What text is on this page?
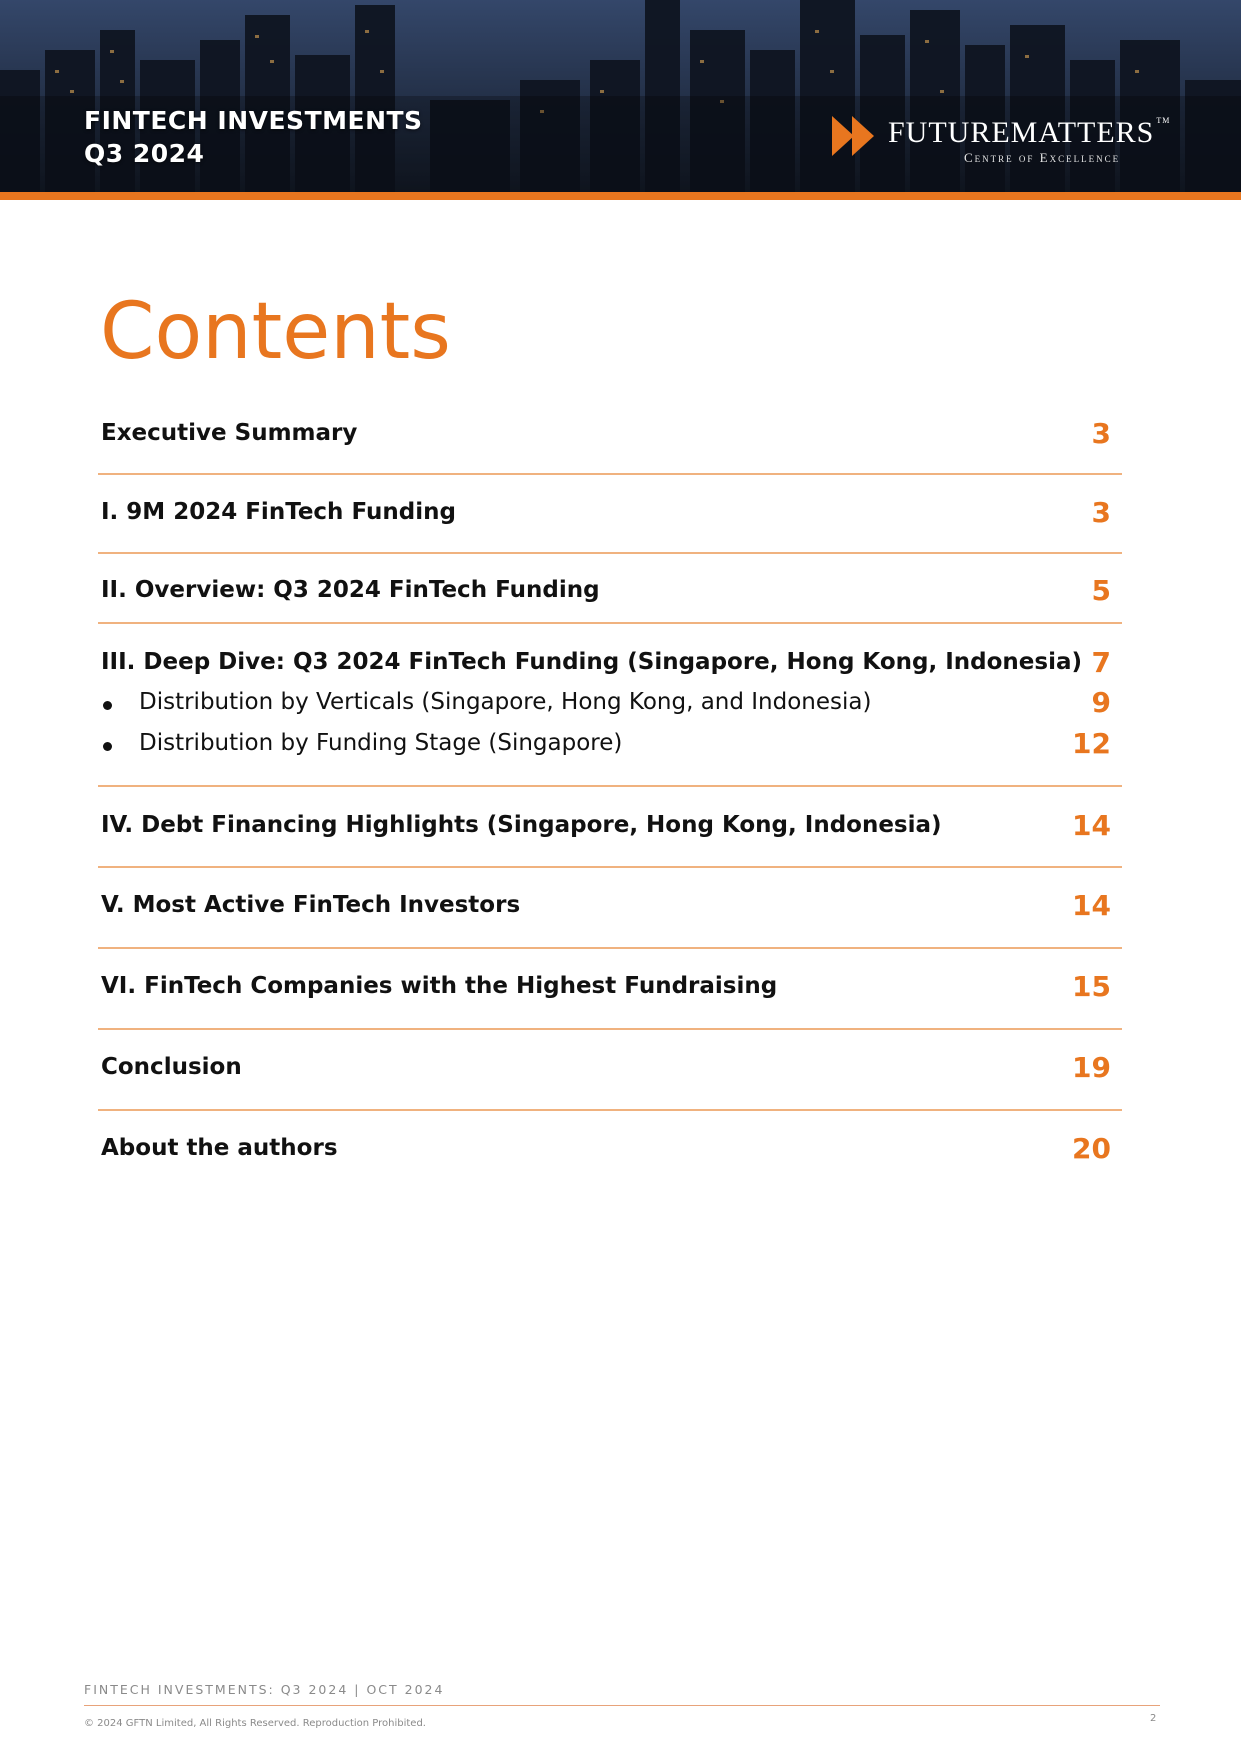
FINTECH INVESTMENTS
Q3 2024
FUTUREMATTERS ™
Centre of Excellence
Contents
Executive Summary	3
I. 9M 2024 FinTech Funding	3
II. Overview: Q3 2024 FinTech Funding	5
III. Deep Dive: Q3 2024 FinTech Funding (Singapore, Hong Kong, Indonesia) 7
Distribution by Verticals (Singapore, Hong Kong, and Indonesia)	9
Distribution by Funding Stage (Singapore)	12
IV. Debt Financing Highlights (Singapore, Hong Kong, Indonesia)	14
V. Most Active FinTech Investors	14
VI. FinTech Companies with the Highest Fundraising	15
Conclusion	19
About the authors	20
FINTECH INVESTMENTS: Q3 2024 | OCT 2024
© 2024 GFTN Limited, All Rights Reserved. Reproduction Prohibited.	2
